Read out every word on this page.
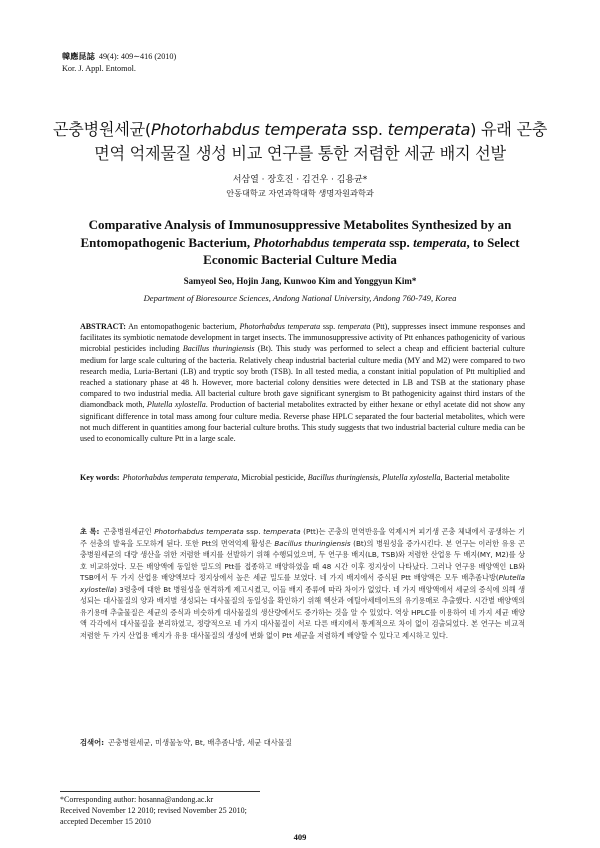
韓應昆誌 49(4): 409∼416 (2010)
Kor. J. Appl. Entomol.
곤충병원세균(Photorhabdus temperata ssp. temperata) 유래 곤충
면역 억제물질 생성 비교 연구를 통한 저렴한 세균 배지 선발
서삼열 · 장호진 · 김건우 · 김용균*
안동대학교 자연과학대학 생명자원과학과
Comparative Analysis of Immunosuppressive Metabolites Synthesized by an Entomopathogenic Bacterium, Photorhabdus temperata ssp. temperata, to Select Economic Bacterial Culture Media
Samyeol Seo, Hojin Jang, Kunwoo Kim and Yonggyun Kim*
Department of Bioresource Sciences, Andong National University, Andong 760-749, Korea
ABSTRACT: An entomopathogenic bacterium, Photorhabdus temperata ssp. temperata (Ptt), suppresses insect immune responses and facilitates its symbiotic nematode development in target insects. The immunosuppressive activity of Ptt enhances pathogenicity of various microbial pesticides including Bacillus thuringiensis (Bt). This study was performed to select a cheap and efficient bacterial culture medium for large scale culturing of the bacteria. Relatively cheap industrial bacterial culture media (MY and M2) were compared to two research media, Luria-Bertani (LB) and tryptic soy broth (TSB). In all tested media, a constant initial population of Ptt multiplied and reached a stationary phase at 48 h. However, more bacterial colony densities were detected in LB and TSB at the stationary phase compared to two industrial media. All bacterial culture broth gave significant synergism to Bt pathogenicity against third instars of the diamondback moth, Plutella xylostella. Production of bacterial metabolites extracted by either hexane or ethyl acetate did not show any significant difference in total mass among four culture media. Reverse phase HPLC separated the four bacterial metabolites, which were not much different in quantities among four bacterial culture broths. This study suggests that two industrial bacterial culture media can be used to economically culture Ptt in a large scale.
Key words: Photorhabdus temperata temperata, Microbial pesticide, Bacillus thuringiensis, Plutella xylostella, Bacterial metabolite
초 록: 곤충병원세균인 Photorhabdus temperata ssp. temperata (Ptt)는 곤충의 면역반응을 억제시켜 피기생 곤충 체내에서 공생하는 기주 선충의 발육을 도모하게 된다. 또한 Ptt의 면역억제 활성은 Bacillus thuringiensis (Bt)의 병원성을 증가시킨다. 본 연구는 이러한 유용 곤충병원세균의 대량 생산을 위한 저렴한 배지를 선발하기 위해 수행되었으며, 두 연구용 배지(LB, TSB)와 저렴한 산업용 두 배지(MY, M2)를 상호 비교하였다. 모든 배양액에 동일한 밀도의 Ptt를 접종하고 배양하였을 때 48 시간 이후 정지상이 나타났다. 그러나 연구용 배양액인 LB와 TSB에서 두 가지 산업용 배양액보다 정지상에서 높은 세균 밀도를 보였다. 네 가지 배지에서 증식된 Ptt 배양액은 모두 배추좀나방(Plutella xylostella) 3령충에 대한 Bt 병원성을 현격하게 제고시켰고, 이들 배지 종류에 따라 차이가 없었다. 네 가지 배양액에서 세균의 증식에 의해 생성되는 대사물질의 양과 배지별 생성되는 대사물질의 동일성을 확인하기 위해 헥산과 에틸아세테이트의 유기용매로 추출했다. 시간별 배양액의 유기용매 추출물질은 세균의 증식과 비슷하게 대사물질의 생산량에서도 증가하는 것을 알 수 있었다. 역상 HPLC를 이용하여 네 가지 세균 배양액 각각에서 대사물질을 분리하였고, 정량적으로 네 가지 대사물질이 서로 다른 배지에서 통계적으로 차이 없이 검출되었다. 본 연구는 비교적 저렴한 두 가지 산업용 배지가 유용 대사물질의 생성에 변화 없이 Ptt 세균을 저렴하게 배양할 수 있다고 제시하고 있다.
검색어: 곤충병원세균, 미생물농약, Bt, 배추좀나방, 세균 대사물질
*Corresponding author: hosanna@andong.ac.kr
Received November 12 2010; revised November 25 2010;
accepted December 15 2010
409
